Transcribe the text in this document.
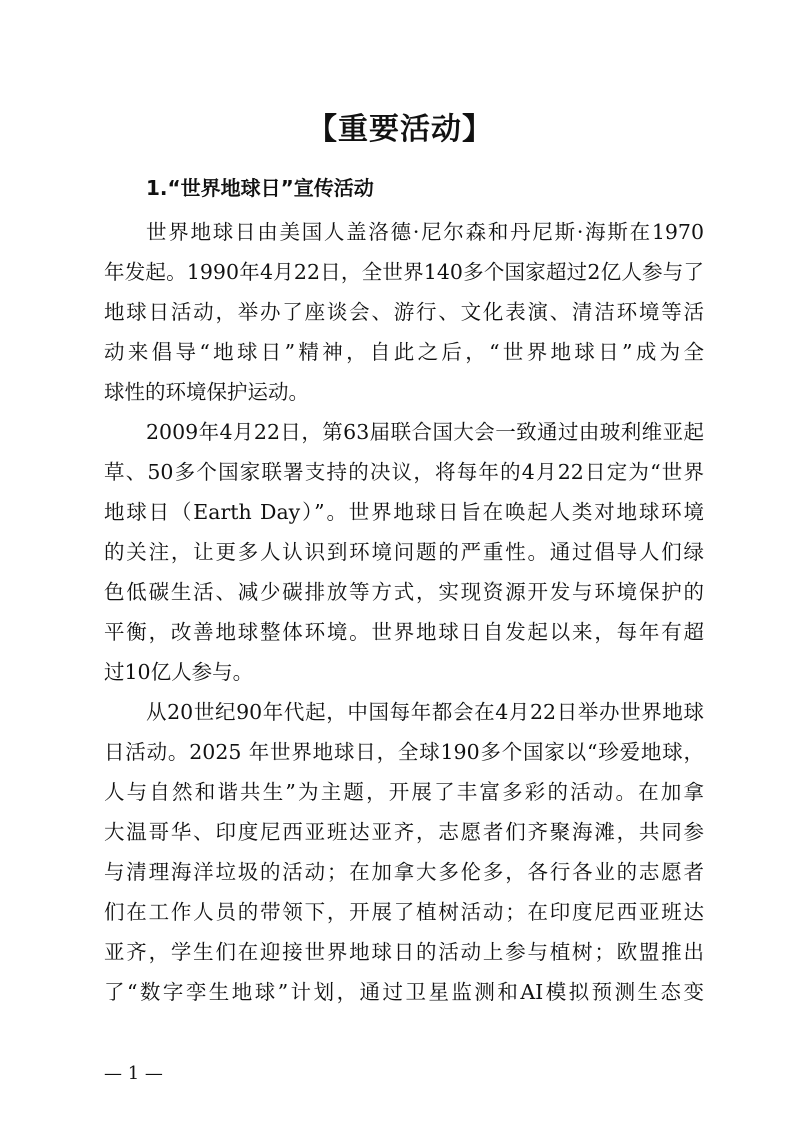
【重要活动】
1.“世界地球日”宣传活动
世界地球日由美国人盖洛德·尼尔森和丹尼斯·海斯在1970
年发起。1990年4月22日，全世界140多个国家超过2亿人参与了
地球日活动，举办了座谈会、游行、文化表演、清洁环境等活
动来倡导“地球日”精神，自此之后，“世界地球日”成为全
球性的环境保护运动。
2009年4月22日，第63届联合国大会一致通过由玻利维亚起
草、50多个国家联署支持的决议，将每年的4月22日定为“世界
地球日（Earth Day）”。世界地球日旨在唤起人类对地球环境
的关注，让更多人认识到环境问题的严重性。通过倡导人们绿
色低碳生活、减少碳排放等方式，实现资源开发与环境保护的
平衡，改善地球整体环境。世界地球日自发起以来，每年有超
过10亿人参与。
从20世纪90年代起，中国每年都会在4月22日举办世界地球
日活动。2025 年世界地球日，全球190多个国家以“珍爱地球，
人与自然和谐共生”为主题，开展了丰富多彩的活动。在加拿
大温哥华、印度尼西亚班达亚齐，志愿者们齐聚海滩，共同参
与清理海洋垃圾的活动；在加拿大多伦多，各行各业的志愿者
们在工作人员的带领下，开展了植树活动；在印度尼西亚班达
亚齐，学生们在迎接世界地球日的活动上参与植树；欧盟推出
了“数字孪生地球”计划，通过卫星监测和AI模拟预测生态变
— 1 —
